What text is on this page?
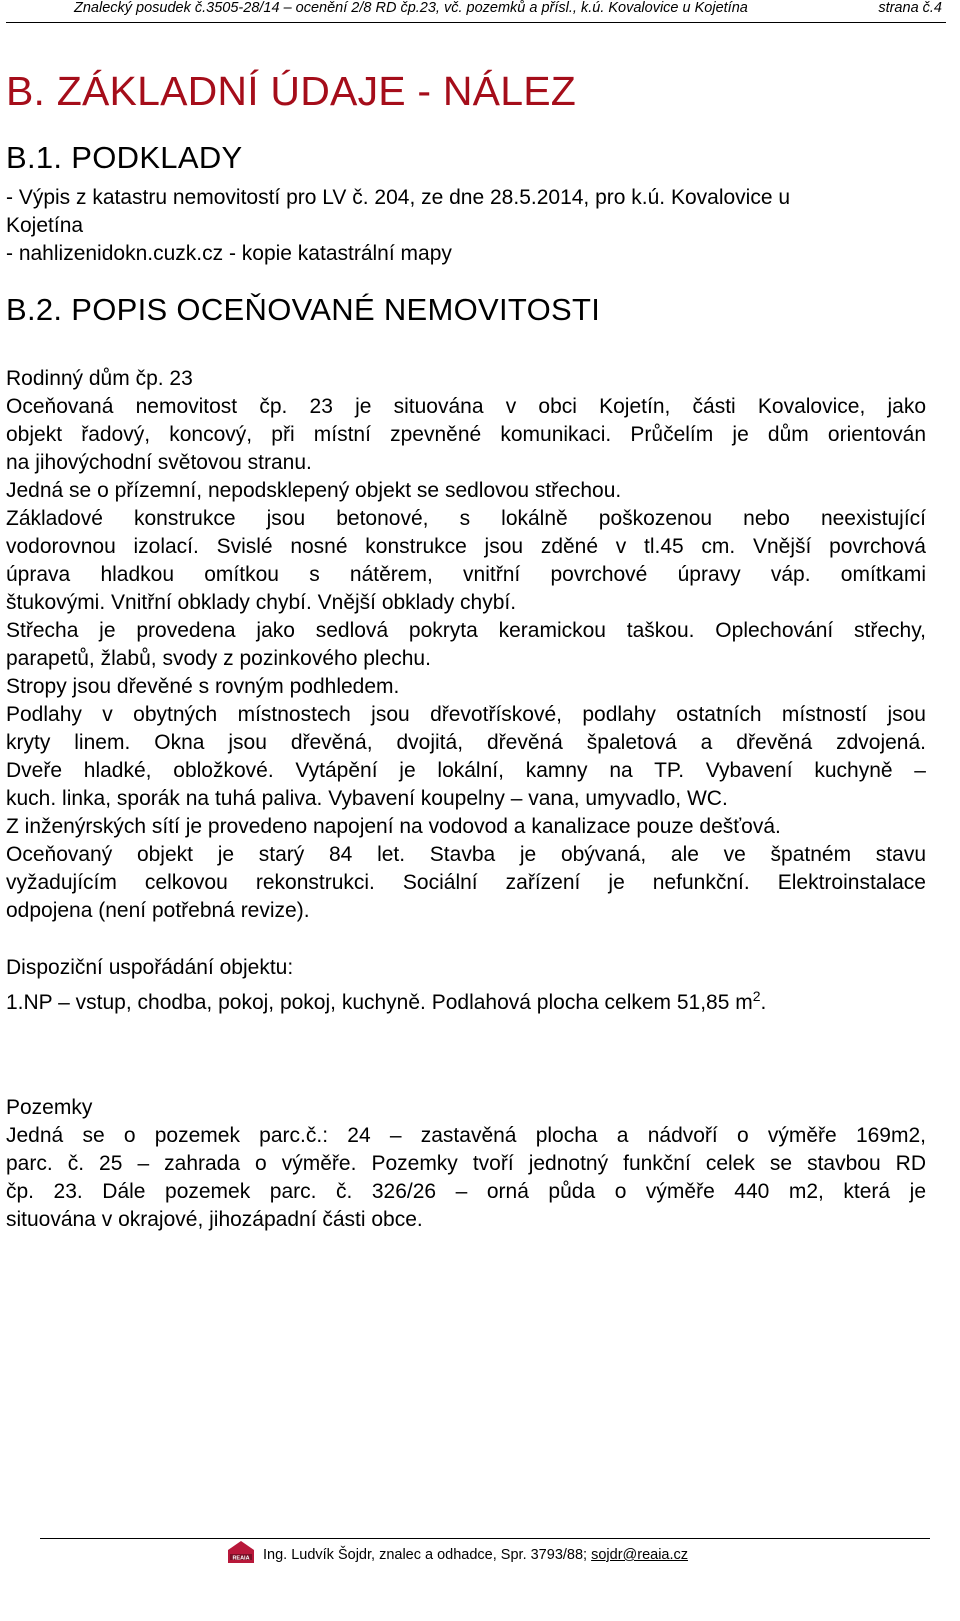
Znalecký posudek č.3505-28/14 – ocenění 2/8 RD čp.23, vč. pozemků a přísl., k.ú. Kovalovice u Kojetína	strana č.4
B. ZÁKLADNÍ ÚDAJE - NÁLEZ
B.1. PODKLADY
- Výpis z katastru nemovitostí pro LV č. 204, ze dne 28.5.2014, pro k.ú. Kovalovice u
Kojetína
- nahlizenidokn.cuzk.cz - kopie katastrální mapy
B.2. POPIS OCEŇOVANÉ NEMOVITOSTI
Rodinný dům čp. 23
Oceňovaná nemovitost čp. 23 je situována v obci Kojetín, části Kovalovice, jako
objekt řadový, koncový, při místní zpevněné komunikaci. Průčelím je dům orientován
na jihovýchodní světovou stranu.
Jedná se o přízemní, nepodsklepený objekt se sedlovou střechou.
Základové konstrukce jsou betonové, s lokálně poškozenou nebo neexistující
vodorovnou izolací. Svislé nosné konstrukce jsou zděné v tl.45 cm. Vnější povrchová
úprava hladkou omítkou s nátěrem, vnitřní povrchové úpravy váp. omítkami
štukovými. Vnitřní obklady chybí. Vnější obklady chybí.
Střecha je provedena jako sedlová pokryta keramickou taškou. Oplechování střechy,
parapetů, žlabů, svody z pozinkového plechu.
Stropy jsou dřevěné s rovným podhledem.
Podlahy v obytných místnostech jsou dřevotřískové, podlahy ostatních místností jsou
kryty linem. Okna jsou dřevěná, dvojitá, dřevěná špaletová a dřevěná zdvojená.
Dveře hladké, obložkové. Vytápění je lokální, kamny na TP. Vybavení kuchyně –
kuch. linka, sporák na tuhá paliva. Vybavení koupelny – vana, umyvadlo, WC.
Z inženýrských sítí je provedeno napojení na vodovod a kanalizace pouze dešťová.
Oceňovaný objekt je starý 84 let. Stavba je obývaná, ale ve špatném stavu
vyžadujícím celkovou rekonstrukci. Sociální zařízení je nefunkční. Elektroinstalace
odpojena (není potřebná revize).
Dispoziční uspořádání objektu:
1.NP – vstup, chodba, pokoj, pokoj, kuchyně. Podlahová plocha celkem 51,85 $m^2$.
Pozemky
Jedná se o pozemek parc.č.: 24 – zastavěná plocha a nádvoří o výměře 169m2,
parc. č. 25 – zahrada o výměře. Pozemky tvoří jednotný funkční celek se stavbou RD
čp. 23. Dále pozemek parc. č. 326/26 – orná půda o výměře 440 m2, která je
situována v okrajové, jihozápadní části obce.
REAIA Ing. Ludvík Šojdr, znalec a odhadce, Spr. 3793/88; sojdr@reaia.cz
